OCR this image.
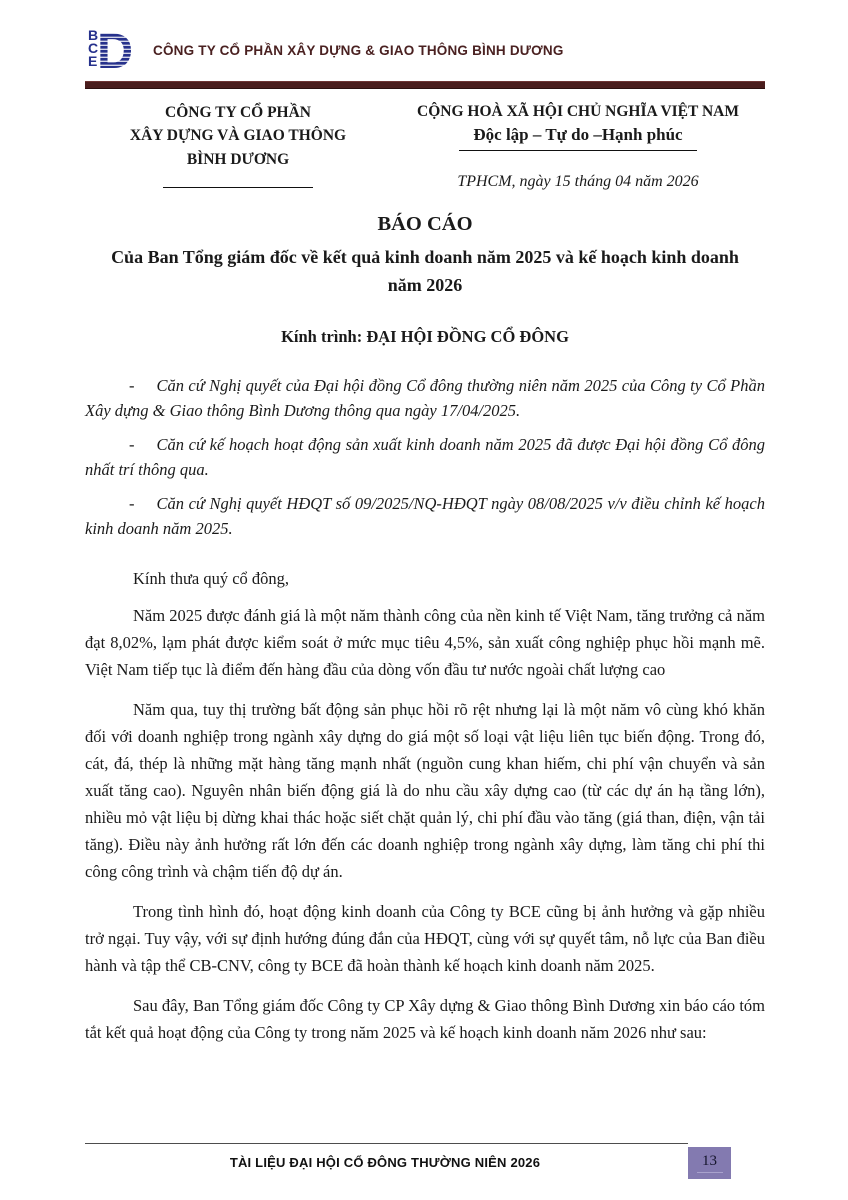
B
C
E D CÔNG TY CỔ PHẦN XÂY DỰNG & GIAO THÔNG BÌNH DƯƠNG
CÔNG TY CỔ PHẦN
XÂY DỰNG VÀ GIAO THÔNG
BÌNH DƯƠNG
CỘNG HOÀ XÃ HỘI CHỦ NGHĨA VIỆT NAM
Độc lập – Tự do –Hạnh phúc
TPHCM, ngày 15 tháng 04 năm 2026
BÁO CÁO
Của Ban Tổng giám đốc về kết quả kinh doanh năm 2025 và kế hoạch kinh doanh năm 2026
Kính trình: ĐẠI HỘI ĐỒNG CỔ ĐÔNG

- Căn cứ Nghị quyết của Đại hội đồng Cổ đông thường niên năm 2025 của Công ty Cổ Phần Xây dựng & Giao thông Bình Dương thông qua ngày 17/04/2025.

- Căn cứ kế hoạch hoạt động sản xuất kinh doanh năm 2025 đã được Đại hội đồng Cổ đông nhất trí thông qua.

- Căn cứ Nghị quyết HĐQT số 09/2025/NQ-HĐQT ngày 08/08/2025 v/v điều chỉnh kế hoạch kinh doanh năm 2025.

Kính thưa quý cổ đông,

Năm 2025 được đánh giá là một năm thành công của nền kinh tế Việt Nam, tăng trưởng cả năm đạt 8,02%, lạm phát được kiểm soát ở mức mục tiêu 4,5%, sản xuất công nghiệp phục hồi mạnh mẽ. Việt Nam tiếp tục là điểm đến hàng đầu của dòng vốn đầu tư nước ngoài chất lượng cao

Năm qua, tuy thị trường bất động sản phục hồi rõ rệt nhưng lại là một năm vô cùng khó khăn đối với doanh nghiệp trong ngành xây dựng do giá một số loại vật liệu liên tục biến động. Trong đó, cát, đá, thép là những mặt hàng tăng mạnh nhất (nguồn cung khan hiếm, chi phí vận chuyển và sản xuất tăng cao). Nguyên nhân biến động giá là do nhu cầu xây dựng cao (từ các dự án hạ tầng lớn), nhiều mỏ vật liệu bị dừng khai thác hoặc siết chặt quản lý, chi phí đầu vào tăng (giá than, điện, vận tải tăng). Điều này ảnh hưởng rất lớn đến các doanh nghiệp trong ngành xây dựng, làm tăng chi phí thi công công trình và chậm tiến độ dự án.

Trong tình hình đó, hoạt động kinh doanh của Công ty BCE cũng bị ảnh hưởng và gặp nhiều trở ngại. Tuy vậy, với sự định hướng đúng đắn của HĐQT, cùng với sự quyết tâm, nỗ lực của Ban điều hành và tập thể CB-CNV, công ty BCE đã hoàn thành kế hoạch kinh doanh năm 2025.

Sau đây, Ban Tổng giám đốc Công ty CP Xây dựng & Giao thông Bình Dương xin báo cáo tóm tắt kết quả hoạt động của Công ty trong năm 2025 và kế hoạch kinh doanh năm 2026 như sau:

TÀI LIỆU ĐẠI HỘI CỔ ĐÔNG THƯỜNG NIÊN 2026	13
